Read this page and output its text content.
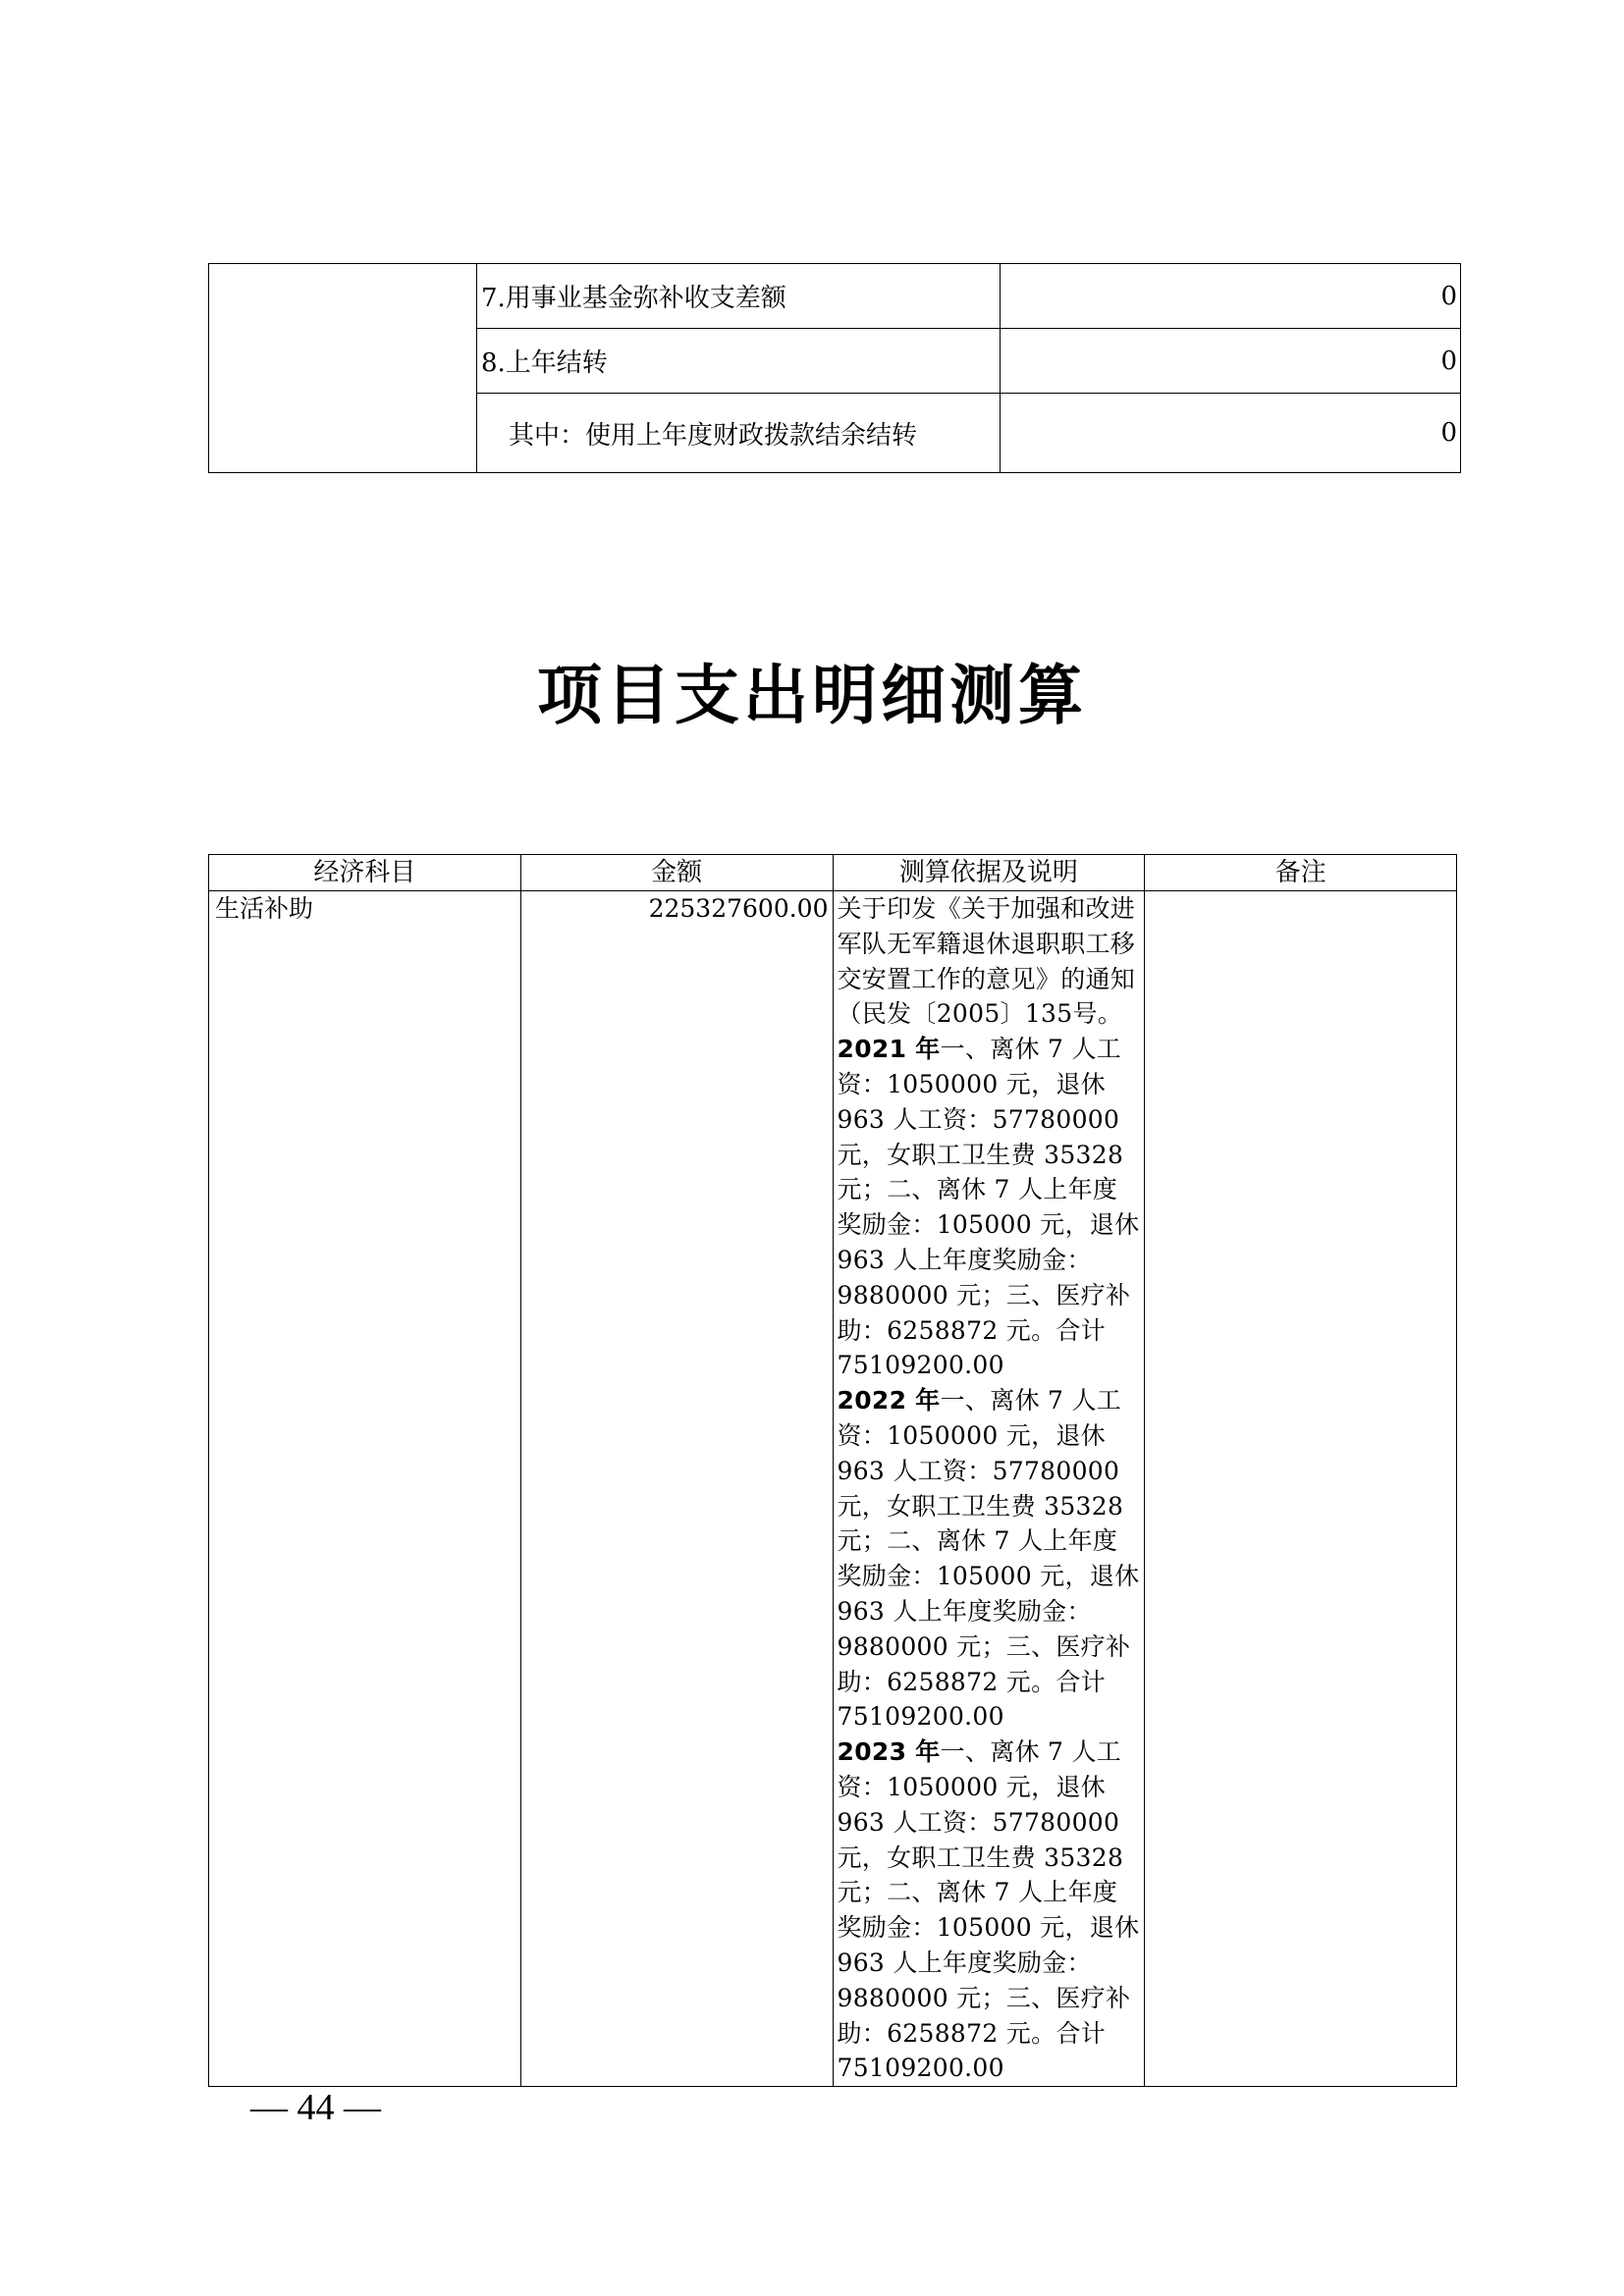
	7.用事业基金弥补收支差额	0
	8.上年结转	0
	其中：使用上年度财政拨款结余结转	0
项目支出明细测算
经济科目	金额	测算依据及说明	备注
生活补助	225327600.00	关于印发《关于加强和改进军队无军籍退休退职职工移交安置工作的意见》的通知（民发〔2005〕135号。
2021 年一、离休 7 人工资：1050000 元，退休 963 人工资：57780000 元，女职工卫生费 35328 元；二、离休 7 人上年度奖励金：105000 元，退休 963 人上年度奖励金：9880000 元；三、医疗补助：6258872 元。合计 75109200.00
2022 年一、离休 7 人工资：1050000 元，退休 963 人工资：57780000 元，女职工卫生费 35328 元；二、离休 7 人上年度奖励金：105000 元，退休 963 人上年度奖励金：9880000 元；三、医疗补助：6258872 元。合计 75109200.00
2023 年一、离休 7 人工资：1050000 元，退休 963 人工资：57780000 元，女职工卫生费 35328 元；二、离休 7 人上年度奖励金：105000 元，退休 963 人上年度奖励金：9880000 元；三、医疗补助：6258872 元。合计 75109200.00	
— 44 —
